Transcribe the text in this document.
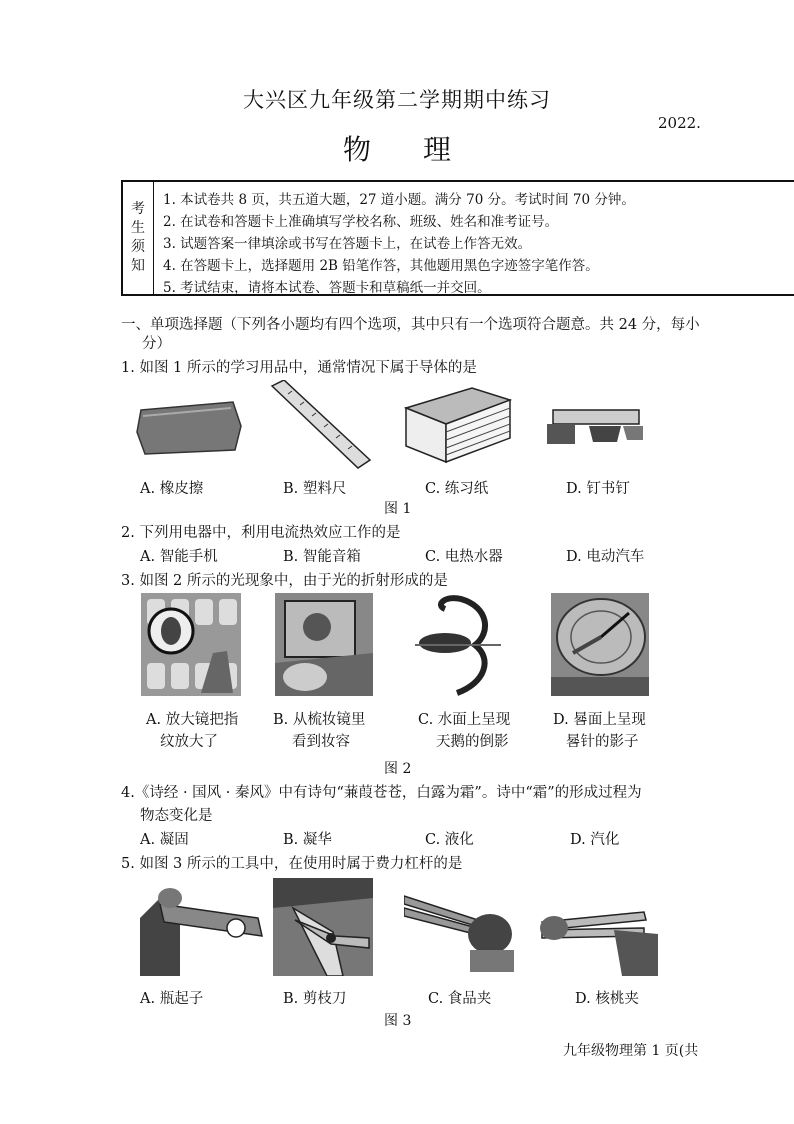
大兴区九年级第二学期期中练习
2022.
物理
考
生
须
知
1. 本试卷共 8 页，共五道大题，27 道小题。满分 70 分。考试时间 70 分钟。
2. 在试卷和答题卡上准确填写学校名称、班级、姓名和准考证号。
3. 试题答案一律填涂或书写在答题卡上，在试卷上作答无效。
4. 在答题卡上，选择题用 2B 铅笔作答，其他题用黑色字迹签字笔作答。
5. 考试结束，请将本试卷、答题卡和草稿纸一并交回。
一、单项选择题（下列各小题均有四个选项，其中只有一个选项符合题意。共 24 分，每小
分）
1. 如图 1 所示的学习用品中，通常情况下属于导体的是
A. 橡皮擦	B. 塑料尺	C. 练习纸	D. 钉书钉
图 1
2. 下列用电器中，利用电流热效应工作的是
A. 智能手机	B. 智能音箱	C. 电热水器	D. 电动汽车
3. 如图 2 所示的光现象中，由于光的折射形成的是
A. 放大镜把指
纹放大了
B. 从梳妆镜里
看到妆容
C. 水面上呈现
天鹅的倒影
D. 晷面上呈现
晷针的影子
图 2
4.《诗经 · 国风 · 秦风》中有诗句“蒹葭苍苍，白露为霜”。诗中“霜”的形成过程为
物态变化是
A. 凝固	B. 凝华	C. 液化	D. 汽化
5. 如图 3 所示的工具中，在使用时属于费力杠杆的是
A. 瓶起子	B. 剪枝刀	C. 食品夹	D. 核桃夹
图 3
九年级物理第 1 页(共
